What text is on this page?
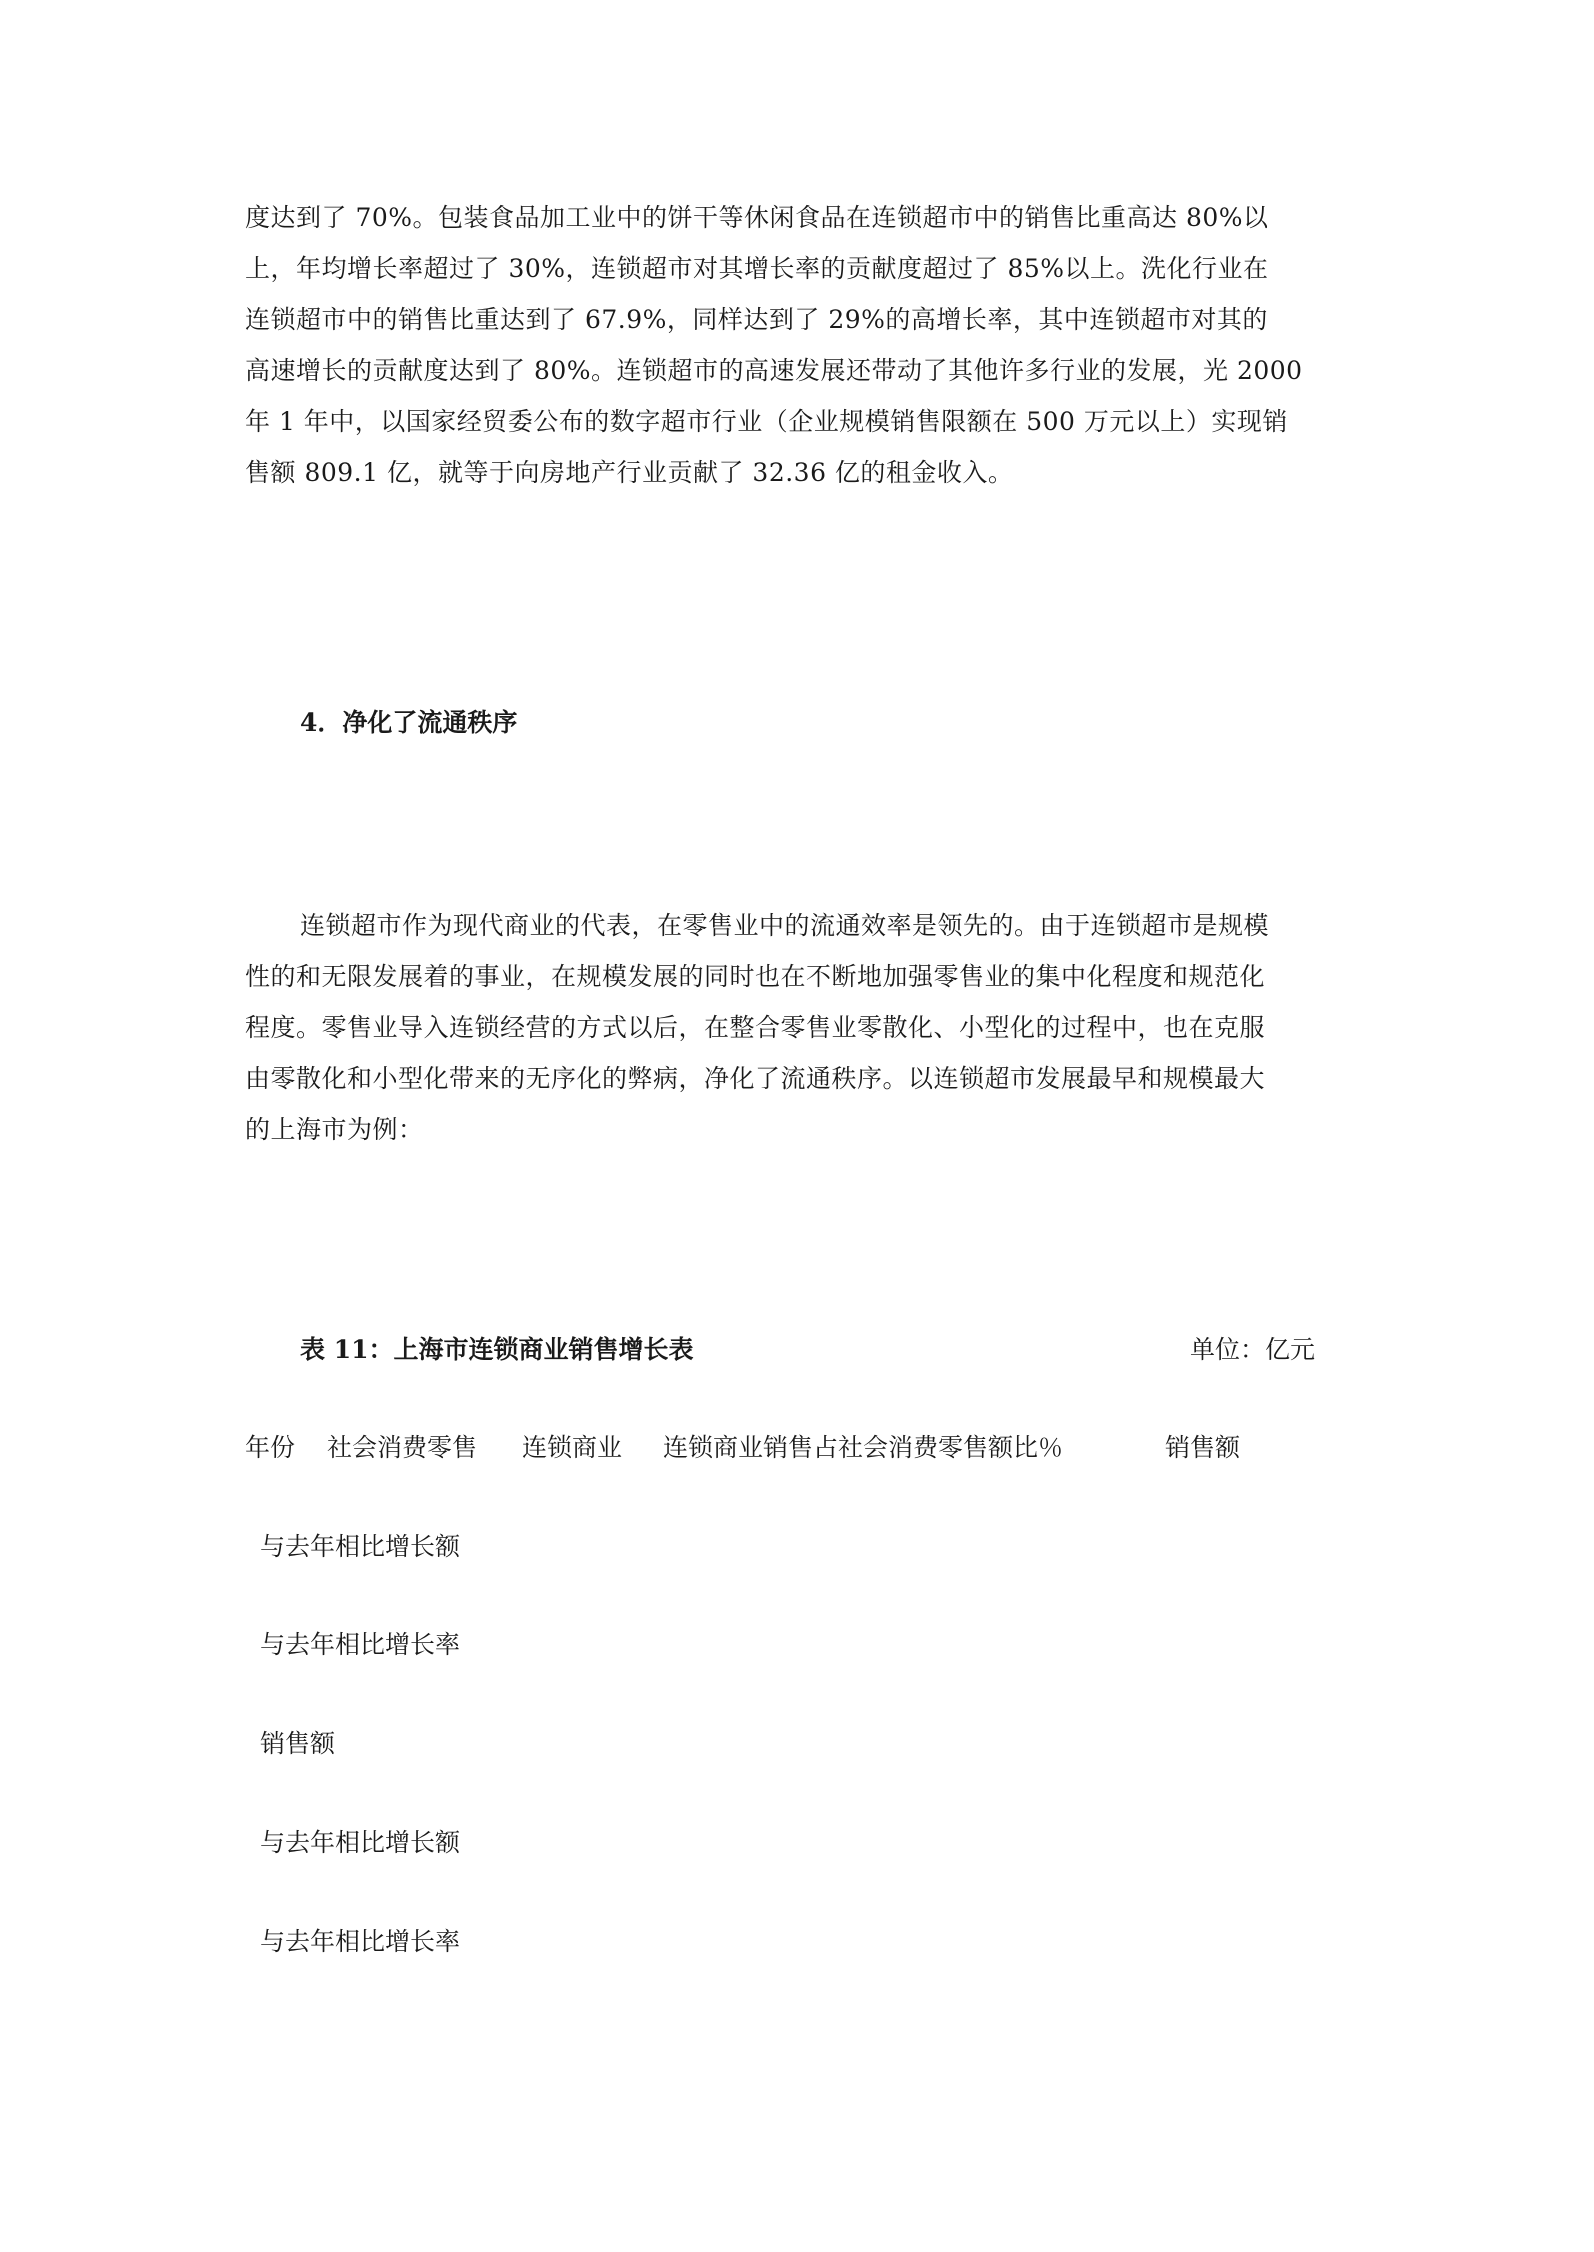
度达到了 70%。包装食品加工业中的饼干等休闲食品在连锁超市中的销售比重高达 80%以
上，年均增长率超过了 30%，连锁超市对其增长率的贡献度超过了 85%以上。洗化行业在
连锁超市中的销售比重达到了 67.9%，同样达到了 29%的高增长率，其中连锁超市对其的
高速增长的贡献度达到了 80%。连锁超市的高速发展还带动了其他许多行业的发展，光 2000
年 1 年中，以国家经贸委公布的数字超市行业（企业规模销售限额在 500 万元以上）实现销
售额 809.1 亿，就等于向房地产行业贡献了 32.36 亿的租金收入。
4．净化了流通秩序
连锁超市作为现代商业的代表，在零售业中的流通效率是领先的。由于连锁超市是规模
性的和无限发展着的事业，在规模发展的同时也在不断地加强零售业的集中化程度和规范化
程度。零售业导入连锁经营的方式以后，在整合零售业零散化、小型化的过程中，也在克服
由零散化和小型化带来的无序化的弊病，净化了流通秩序。以连锁超市发展最早和规模最大
的上海市为例：
表 11：上海市连锁商业销售增长表	单位：亿元
年份 社会消费零售 连锁商业 连锁商业销售占社会消费零售额比％	销售额
与去年相比增长额
与去年相比增长率
销售额
与去年相比增长额
与去年相比增长率
